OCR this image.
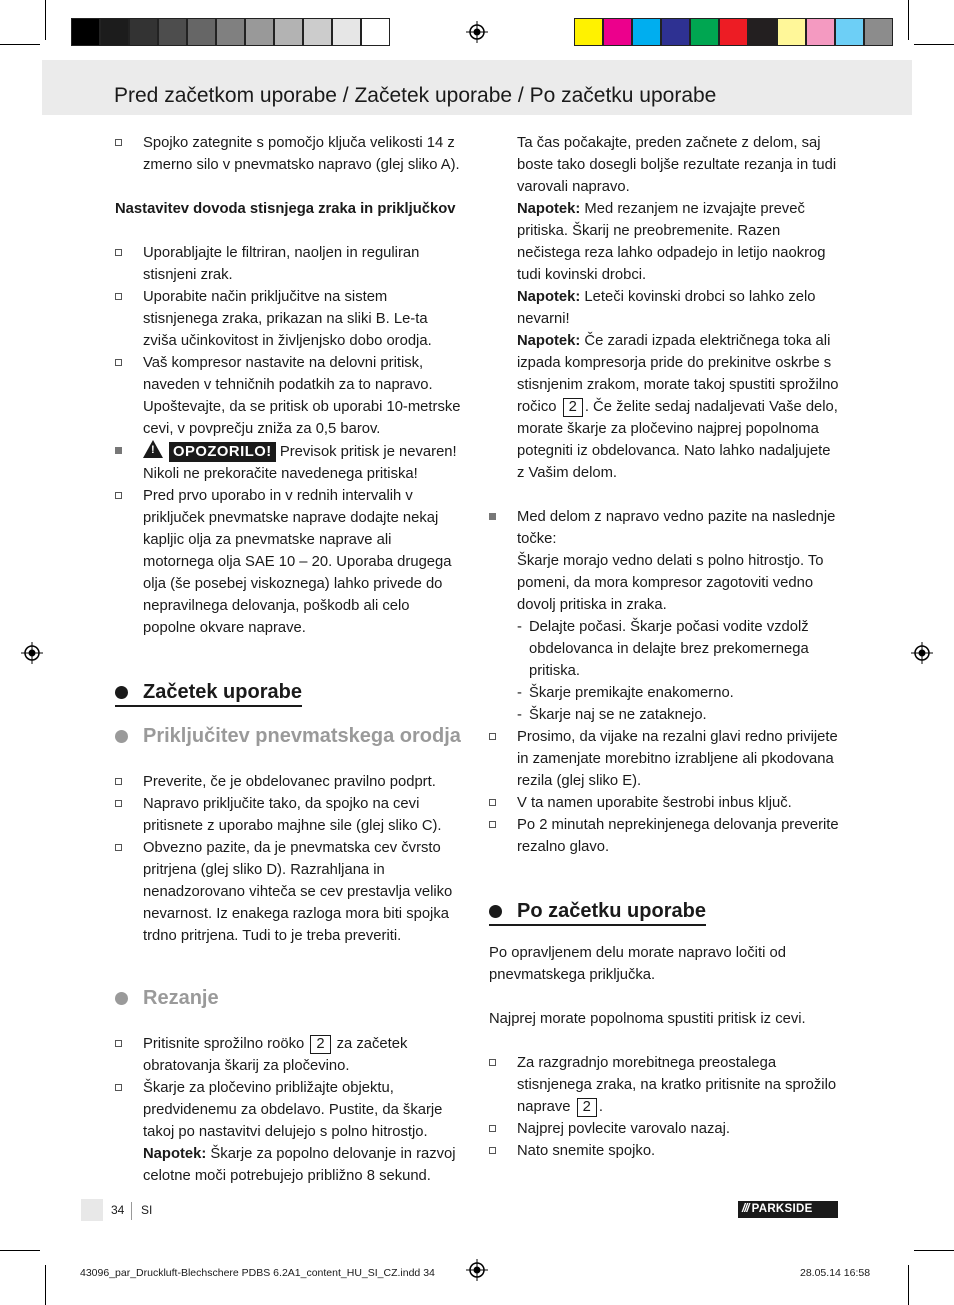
Pred začetkom uporabe / Začetek uporabe / Po začetku uporabe
Spojko zategnite s pomočjo ključa velikosti 14 z zmerno silo v pnevmatsko napravo (glej sliko A).
Nastavitev dovoda stisnjega zraka in priključkov
Uporabljajte le filtriran, naoljen in reguliran stisnjeni zrak.
Uporabite način priključitve na sistem stisnjenega zraka, prikazan na sliki B. Le-ta zviša učinkovitost in življenjsko dobo orodja.
Vaš kompresor nastavite na delovni pritisk, naveden v tehničnih podatkih za to napravo. Upoštevajte, da se pritisk ob uporabi 10-metrske cevi, v povprečju zniža za 0,5 barov.
! OPOZORILO! Previsok pritisk je nevaren! Nikoli ne prekoračite navedenega pritiska!
Pred prvo uporabo in v rednih intervalih v priključek pnevmatske naprave dodajte nekaj kapljic olja za pnevmatske naprave ali motornega olja SAE 10 – 20. Uporaba drugega olja (še posebej viskoznega) lahko privede do nepravilnega delovanja, poškodb ali celo popolne okvare naprave.
Začetek uporabe
Priključitev pnevmatskega orodja
Preverite, če je obdelovanec pravilno podprt.
Napravo priključite tako, da spojko na cevi pritisnete z uporabo majhne sile (glej sliko C).
Obvezno pazite, da je pnevmatska cev čvrsto pritrjena (glej sliko D). Razrahljana in nenadzorovano vihteča se cev prestavlja veliko nevarnost. Iz enakega razloga mora biti spojka trdno pritrjena. Tudi to je treba preveriti.
Rezanje
Pritisnite sprožilno roöko 2 za začetek obratovanja škarij za pločevino.
Škarje za pločevino približajte objektu, predvidenemu za obdelavo. Pustite, da škarje takoj po nastavitvi delujejo s polno hitrostjo.
Napotek: Škarje za popolno delovanje in razvoj celotne moči potrebujejo približno 8 sekund.
Ta čas počakajte, preden začnete z delom, saj boste tako dosegli boljše rezultate rezanja in tudi varovali napravo.
Napotek: Med rezanjem ne izvajajte preveč pritiska. Škarij ne preobremenite. Razen nečistega reza lahko odpadejo in letijo naokrog tudi kovinski drobci.
Napotek: Leteči kovinski drobci so lahko zelo nevarni!
Napotek: Če zaradi izpada električnega toka ali izpada kompresorja pride do prekinitve oskrbe s stisnjenim zrakom, morate takoj spustiti sprožilno ročico 2 . Če želite sedaj nadaljevati Vaše delo, morate škarje za pločevino najprej popolnoma potegniti iz obdelovanca. Nato lahko nadaljujete z Vašim delom.
Med delom z napravo vedno pazite na naslednje točke:
Škarje morajo vedno delati s polno hitrostjo. To pomeni, da mora kompresor zagotoviti vedno dovolj pritiska in zraka.
- Delajte počasi. Škarje počasi vodite vzdolž obdelovanca in delajte brez prekomernega pritiska.
- Škarje premikajte enakomerno.
- Škarje naj se ne zataknejo.
Prosimo, da vijake na rezalni glavi redno privijete in zamenjate morebitno izrabljene ali pkodovana rezila (glej sliko E).
V ta namen uporabite šestrobi inbus ključ.
Po 2 minutah neprekinjenega delovanja preverite rezalno glavo.
Po začetku uporabe
Po opravljenem delu morate napravo ločiti od pnevmatskega priključka.
Najprej morate popolnoma spustiti pritisk iz cevi.
Za razgradnjo morebitnega preostalega stisnjenega zraka, na kratko pritisnite na sprožilo naprave 2 .
Najprej povlecite varovalo nazaj.
Nato snemite spojko.
34 SI	/// PARKSIDE
43096_par_Druckluft-Blechschere PDBS 6.2A1_content_HU_SI_CZ.indd 34	28.05.14 16:58
